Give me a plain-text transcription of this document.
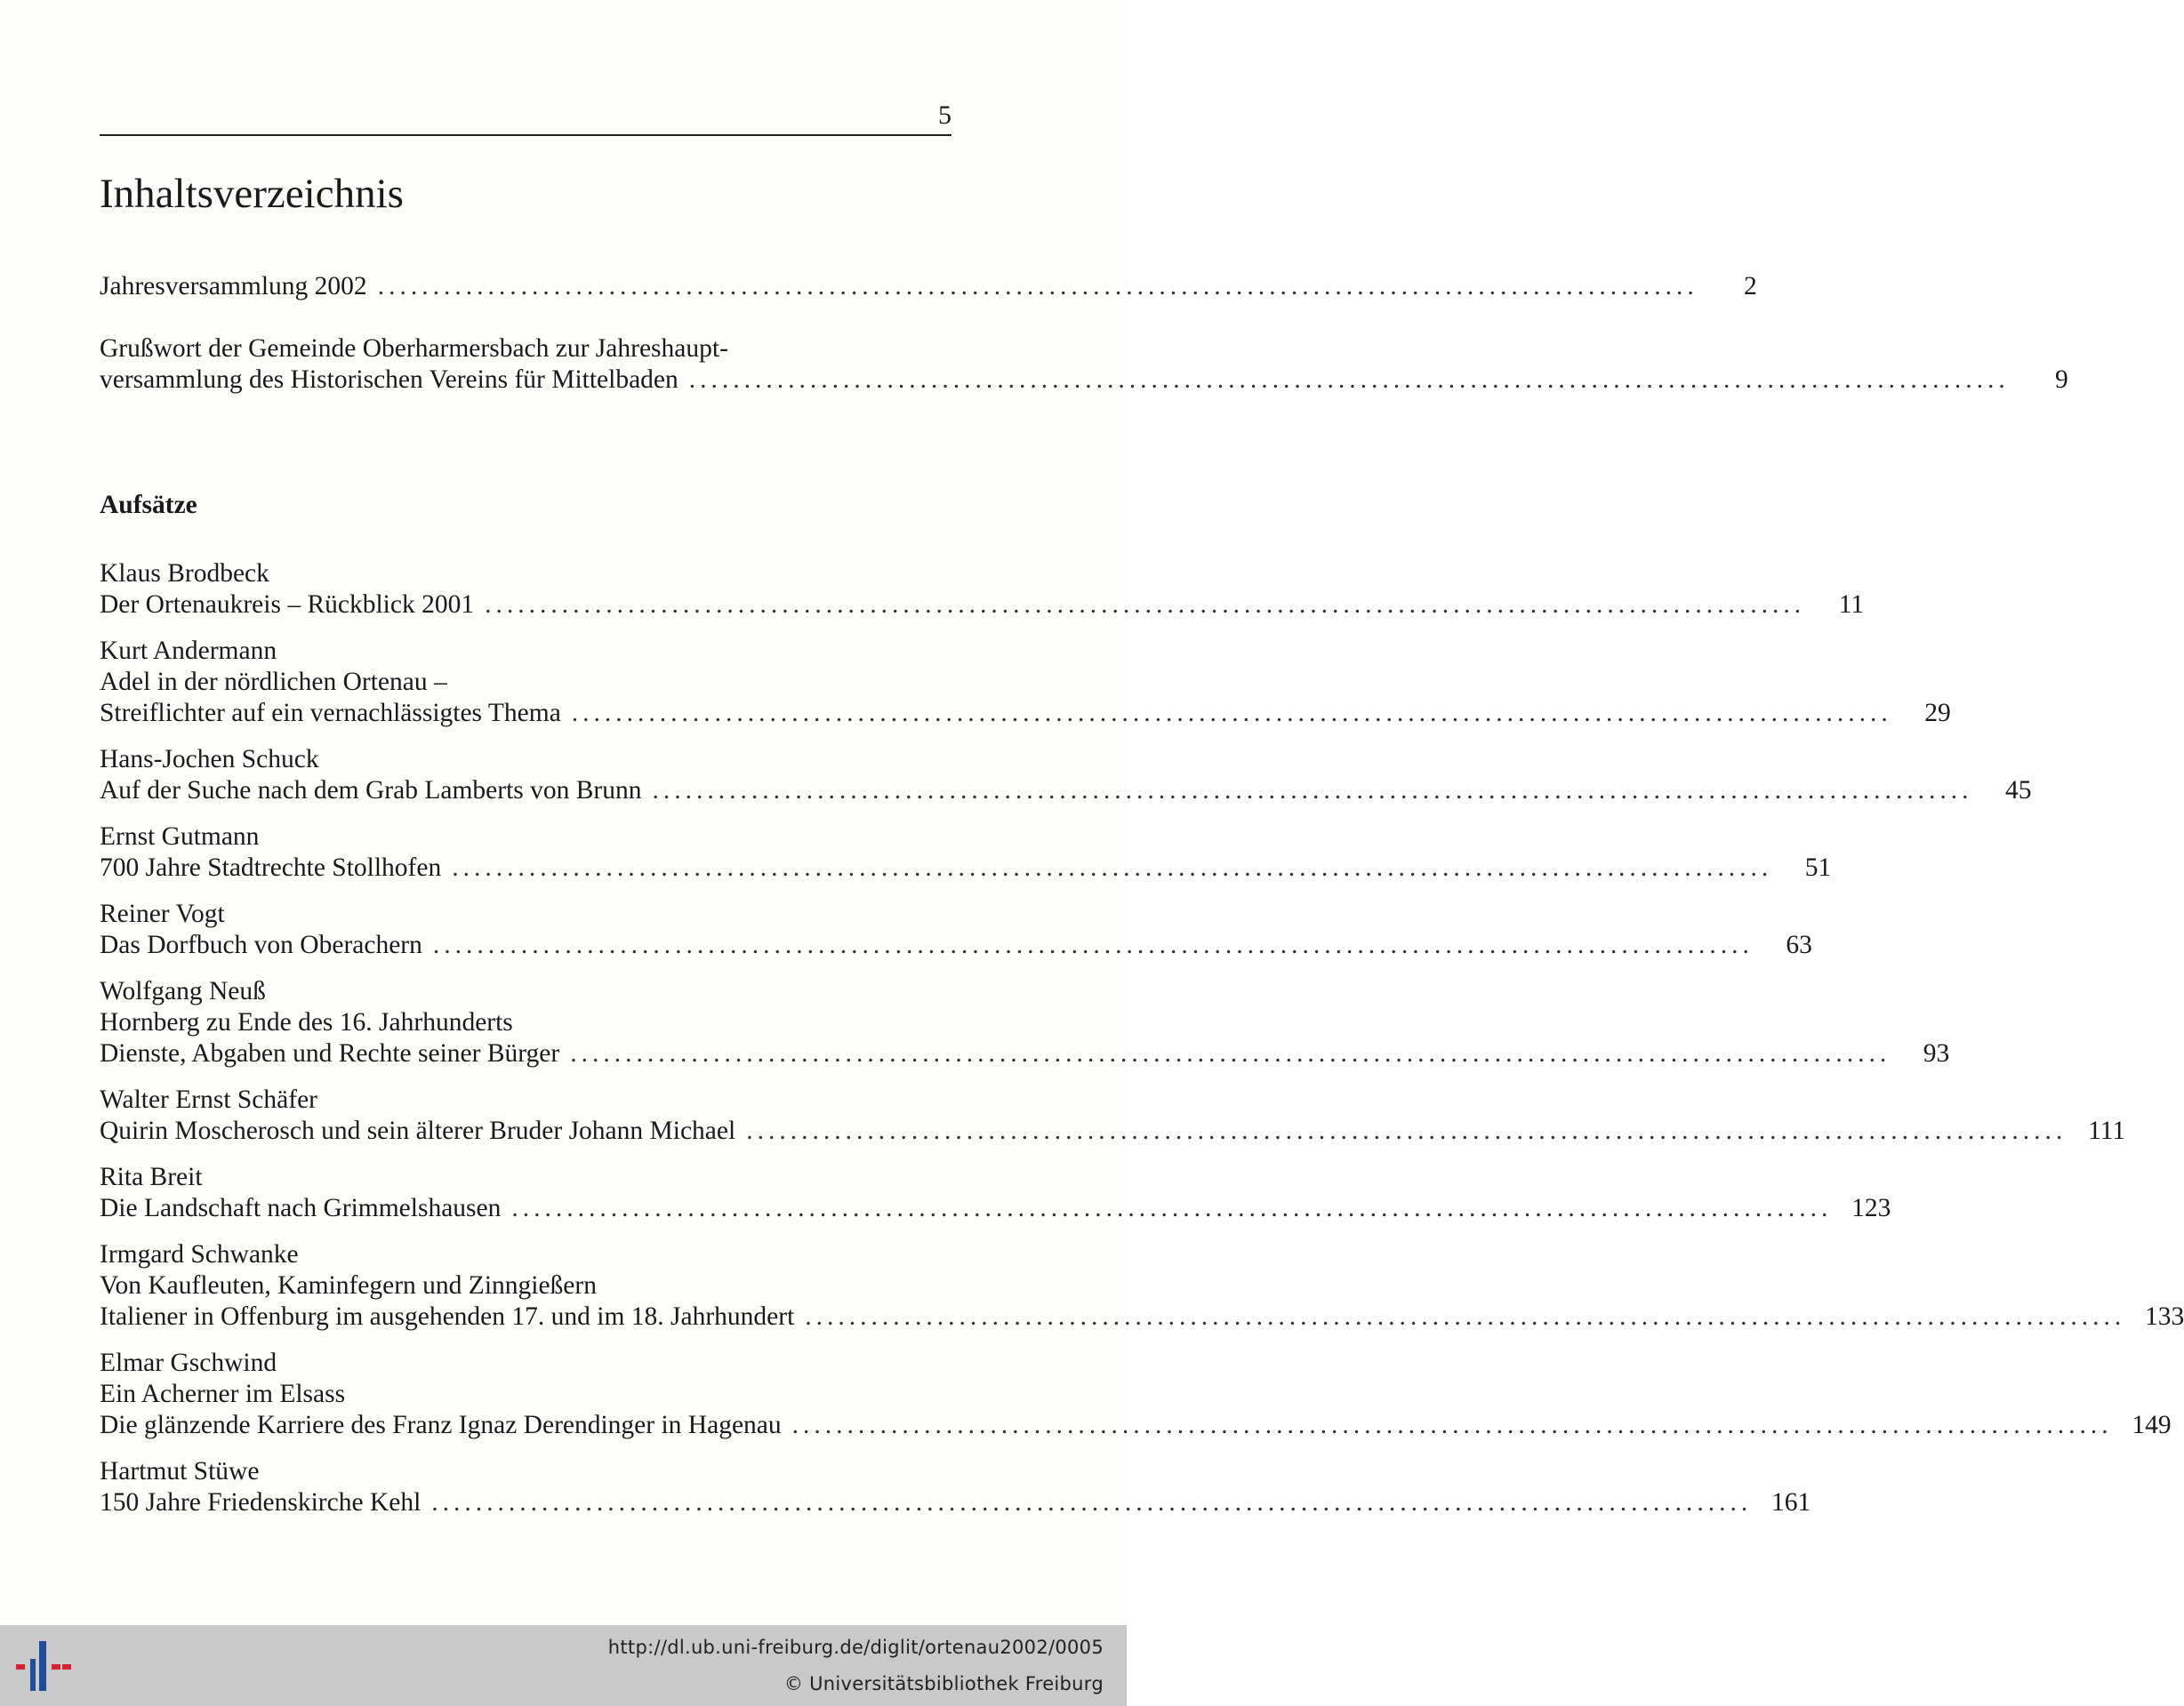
5
Inhaltsverzeichnis
Jahresversammlung 2002 ........................................................................................................................	2
Grußwort der Gemeinde Oberharmersbach zur Jahreshaupt-
versammlung des Historischen Vereins für Mittelbaden ........................................................................................................................	9
Aufsätze
Klaus Brodbeck
Der Ortenaukreis – Rückblick 2001 ........................................................................................................................	11
Kurt Andermann
Adel in der nördlichen Ortenau –
Streiflichter auf ein vernachlässigtes Thema ........................................................................................................................	29
Hans-Jochen Schuck
Auf der Suche nach dem Grab Lamberts von Brunn ........................................................................................................................	45
Ernst Gutmann
700 Jahre Stadtrechte Stollhofen ........................................................................................................................	51
Reiner Vogt
Das Dorfbuch von Oberachern ........................................................................................................................	63
Wolfgang Neuß
Hornberg zu Ende des 16. Jahrhunderts
Dienste, Abgaben und Rechte seiner Bürger ........................................................................................................................	93
Walter Ernst Schäfer
Quirin Moscherosch und sein älterer Bruder Johann Michael ........................................................................................................................ 111
Rita Breit
Die Landschaft nach Grimmelshausen ........................................................................................................................ 123
Irmgard Schwanke
Von Kaufleuten, Kaminfegern und Zinngießern
Italiener in Offenburg im ausgehenden 17. und im 18. Jahrhundert ........................................................................................................................ 133
Elmar Gschwind
Ein Acherner im Elsass
Die glänzende Karriere des Franz Ignaz Derendinger in Hagenau ........................................................................................................................ 149
Hartmut Stüwe
150 Jahre Friedenskirche Kehl ........................................................................................................................ 161
http://dl.ub.uni-freiburg.de/diglit/ortenau2002/0005
© Universitätsbibliothek Freiburg
